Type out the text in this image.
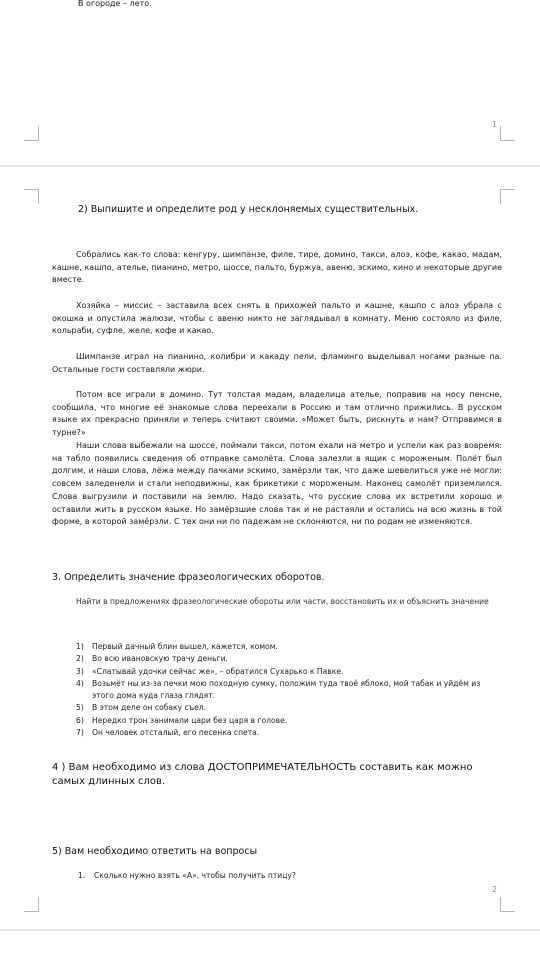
В огороде – лето.
1
2) Выпишите и определите род у несклоняемых существительных.
Собрались как-то слова: кенгуру, шимпанзе, филе, тире, домино, такси, алоэ, кофе, какао, мадам, кашне, кашпо, ателье, пианино, метро, шоссе, пальто, буржуа, авеню, эскимо, кино и некоторые другие вместе.
Хозяйка – миссис – заставила всех снять в прихожей пальто и кашне, кашпо с алоэ убрала с окошка и опустила жалюзи, чтобы с авеню никто не заглядывал в комнату. Меню состояло из филе, кольраби, суфле, желе, кофе и какао.
Шимпанзе играл на пианино, колибри и какаду пели, фламинго выделывал ногами разные па. Остальные гости составляли жюри.
Потом все играли в домино. Тут толстая мадам, владелица ателье, поправив на носу пенсне, сообщила, что многие её знакомые слова переехали в Россию и там отлично прижились. В русском языке их прекрасно приняли и теперь считают своими. «Может быть, рискнуть и нам? Отправимся в турне?»
Наши слова выбежали на шоссе, поймали такси, потом ехали на метро и успели как раз вовремя: на табло появились сведения об отправке самолёта. Слова залезли в ящик с мороженым. Полёт был долгим, и наши слова, лёжа между пачками эскимо, замёрзли так, что даже шевелиться уже не могли: совсем заледенели и стали неподвижны, как брикетики с мороженым. Наконец самолёт приземлился. Слова выгрузили и поставили на землю. Надо сказать, что русские слова их встретили хорошо и оставили жить в русском языке. Но замёрзшие слова так и не растаяли и остались на всю жизнь в той форме, в которой замёрзли. С тех они ни по падежам не склоняются, ни по родам не изменяются.
3. Определить значение фразеологических оборотов.
Найти в предложениях фразеологические обороты или части, восстановить их и объяснить значение
1) Первый дачный блин вышел, кажется, комом.
2) Во всю ивановскую трачу деньги.
3) «Слатывай удочки сейчас же», – обратился Сухарько к Павке.
4) Возьмёт ны из-за печки мою походную сумку, положим туда твоё яблоко, мой табак и уйдём из этого дома куда глаза глядят.
5) В этом деле он собаку съел.
6) Нередко трон занимали цари без царя в голове.
7) Он человек отсталый, его песенка спета.
4 ) Вам необходимо из слова ДОСТОПРИМЕЧАТЕЛЬНОСТЬ составить как можно самых длинных слов.
5) Вам необходимо ответить на вопросы
1. Сколько нужно взять «А», чтобы получить птицу?
2
